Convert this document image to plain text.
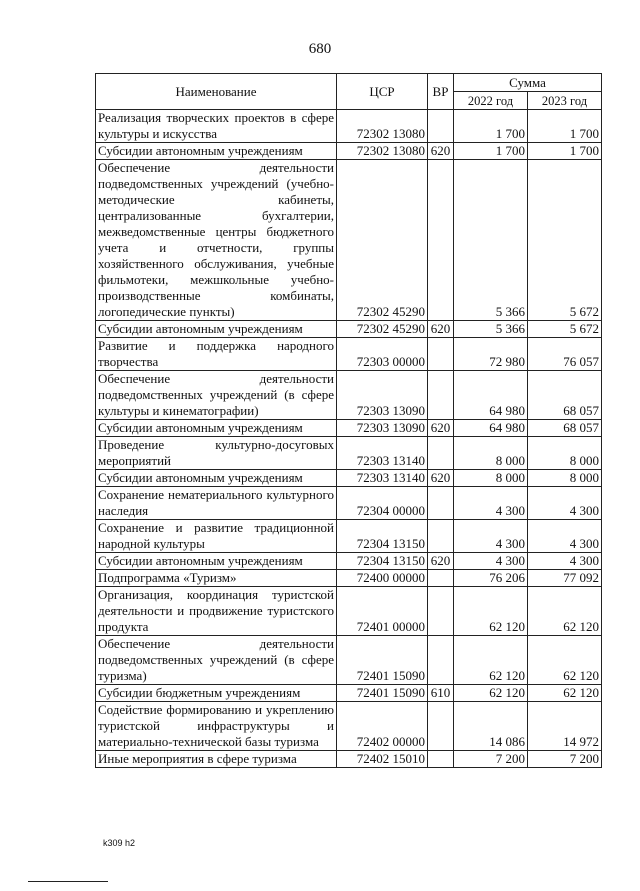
680
Наименование	ЦСР	ВР	Сумма	
			2022 год	2023 год
Реализация творческих проектов в сфере культуры и искусства	72302 13080		1 700	1 700
Субсидии автономным учреждениям	72302 13080	620	1 700	1 700
Обеспечение деятельности подведомственных учреждений (учебно-методические кабинеты, централизованные бухгалтерии, межведомственные центры бюджетного учета и отчетности, группы хозяйственного обслуживания, учебные фильмотеки, межшкольные учебно-производственные комбинаты, логопедические пункты)	72302 45290		5 366	5 672
Субсидии автономным учреждениям	72302 45290	620	5 366	5 672
Развитие и поддержка народного творчества	72303 00000		72 980	76 057
Обеспечение деятельности подведомственных учреждений (в сфере культуры и кинематографии)	72303 13090		64 980	68 057
Субсидии автономным учреждениям	72303 13090	620	64 980	68 057
Проведение культурно-досуговых мероприятий	72303 13140		8 000	8 000
Субсидии автономным учреждениям	72303 13140	620	8 000	8 000
Сохранение нематериального культурного наследия	72304 00000		4 300	4 300
Сохранение и развитие традиционной народной культуры	72304 13150		4 300	4 300
Субсидии автономным учреждениям	72304 13150	620	4 300	4 300
Подпрограмма «Туризм»	72400 00000		76 206	77 092
Организация, координация туристской деятельности и продвижение туристского продукта	72401 00000		62 120	62 120
Обеспечение деятельности подведомственных учреждений (в сфере туризма)	72401 15090		62 120	62 120
Субсидии бюджетным учреждениям	72401 15090	610	62 120	62 120
Содействие формированию и укреплению туристской инфраструктуры и материально-технической базы туризма	72402 00000		14 086	14 972
Иные мероприятия в сфере туризма	72402 15010		7 200	7 200
k309 h2
